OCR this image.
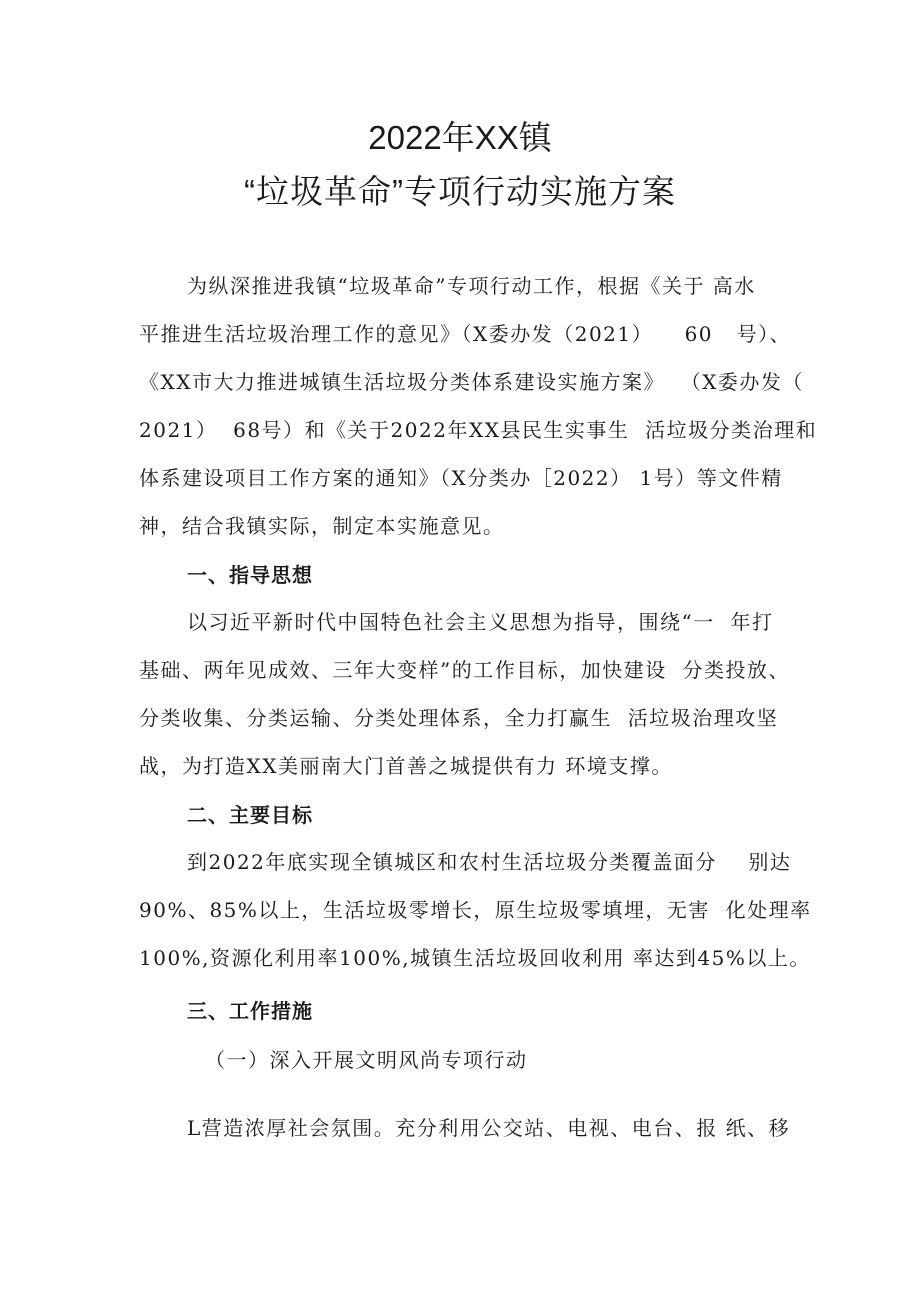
2022年XX镇
“垃圾革命”专项行动实施方案

为纵深推进我镇“垃圾革命”专项行动工作，根据《关于 高水

平推进生活垃圾治理工作的意见》（X委办发（2021）    60   号）、

《XX市大力推进城镇生活垃圾分类体系建设实施方案》  （X委办发（

2021）  68号）和《关于2022年XX县民生实事生  活垃圾分类治理和

体系建设项目工作方案的通知》（X分类办［2022） 1号）等文件精

神，结合我镇实际，制定本实施意见。

一、指导思想

以习近平新时代中国特色社会主义思想为指导，围绕“一  年打

基础、两年见成效、三年大变样”的工作目标，加快建设  分类投放、

分类收集、分类运输、分类处理体系，全力打赢生  活垃圾治理攻坚

战，为打造XX美丽南大门首善之城提供有力 环境支撑。

二、主要目标

到2022年底实现全镇城区和农村生活垃圾分类覆盖面分    别达

90%、85%以上，生活垃圾零增长，原生垃圾零填埋，无害  化处理率

100%,资源化利用率100%,城镇生活垃圾回收利用 率达到45%以上。

三、工作措施

（一）深入开展文明风尚专项行动

L营造浓厚社会氛围。充分利用公交站、电视、电台、报 纸、移
